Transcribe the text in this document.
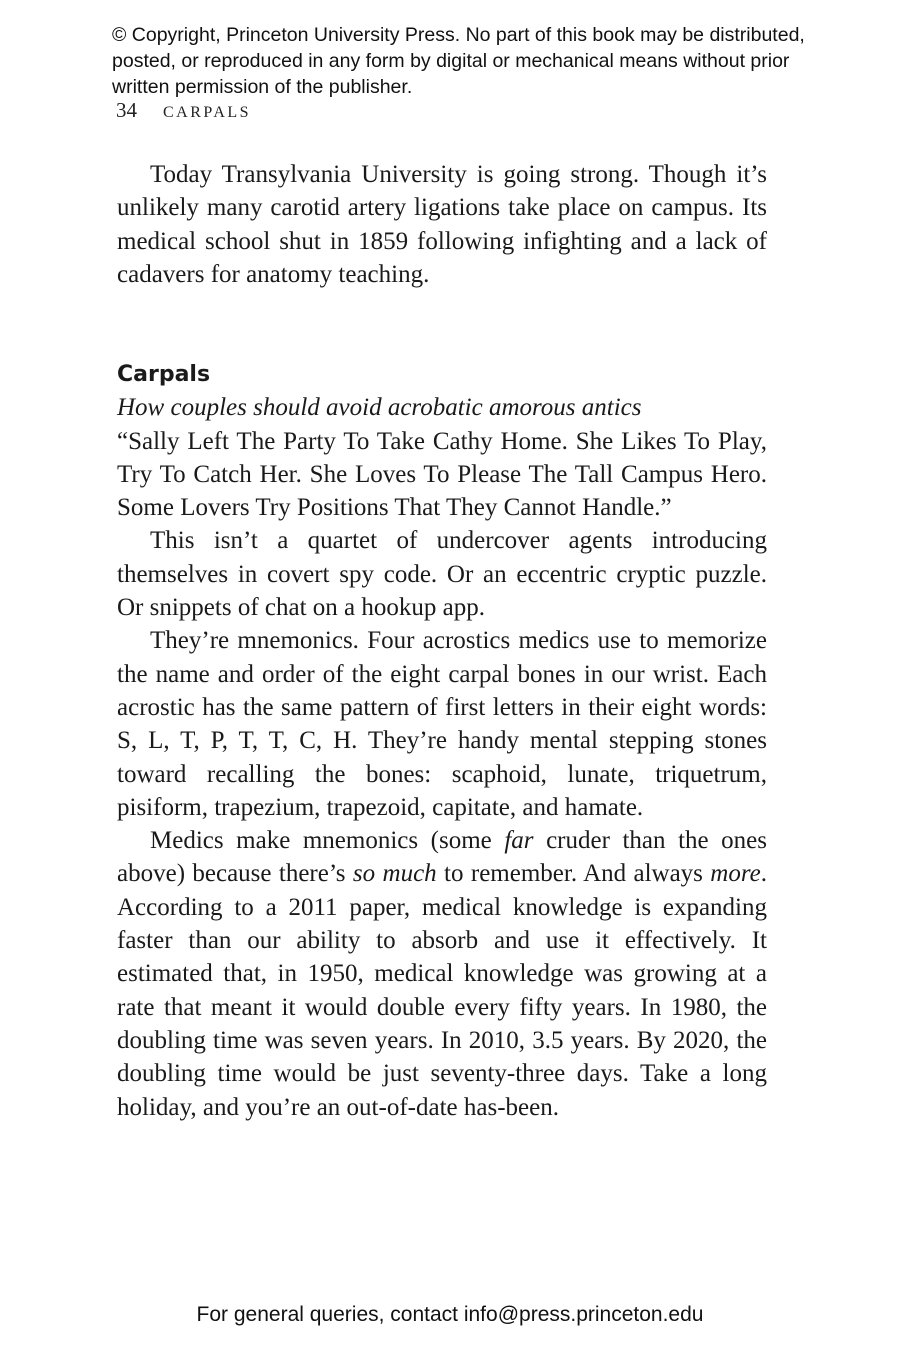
© Copyright, Princeton University Press. No part of this book may be distributed, posted, or reproduced in any form by digital or mechanical means without prior written permission of the publisher.
34 CARPALS

Today Transylvania University is going strong. Though it’s unlikely many carotid artery ligations take place on campus. Its medical school shut in 1859 following infighting and a lack of cadavers for anatomy teaching.

Carpals

How couples should avoid acrobatic amorous antics

“Sally Left The Party To Take Cathy Home. She Likes To Play, Try To Catch Her. She Loves To Please The Tall Campus Hero. Some Lovers Try Positions That They Cannot Handle.”

This isn’t a quartet of undercover agents introducing themselves in covert spy code. Or an eccentric cryptic puzzle. Or snippets of chat on a hookup app.

They’re mnemonics. Four acrostics medics use to memorize the name and order of the eight carpal bones in our wrist. Each acrostic has the same pattern of first letters in their eight words: S, L, T, P, T, T, C, H. They’re handy mental stepping stones toward recalling the bones: scaphoid, lunate, triquetrum, pisiform, trapezium, trapezoid, capitate, and hamate.

Medics make mnemonics (some far cruder than the ones above) because there’s so much to remember. And always more. According to a 2011 paper, medical knowledge is expanding faster than our ability to absorb and use it effectively. It estimated that, in 1950, medical knowledge was growing at a rate that meant it would double every fifty years. In 1980, the doubling time was seven years. In 2010, 3.5 years. By 2020, the doubling time would be just seventy-three days. Take a long holiday, and you’re an out-of-date has-been.

For general queries, contact info@press.princeton.edu
